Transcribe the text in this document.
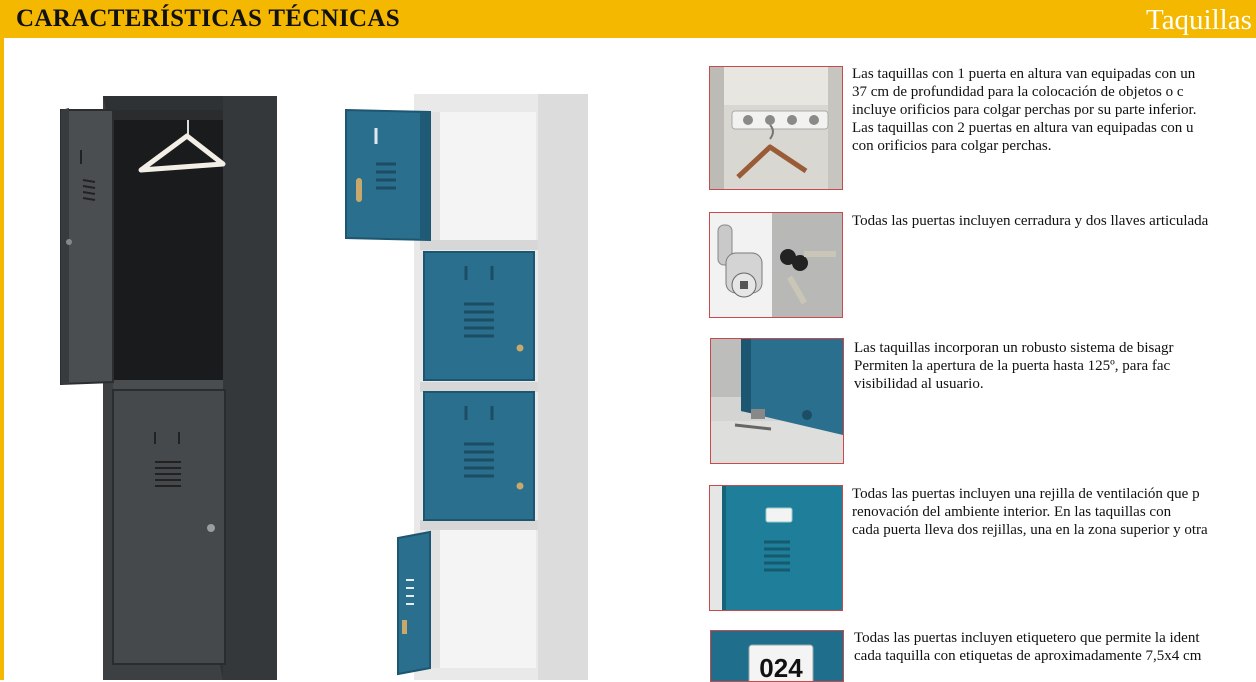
CARACTERÍSTICAS TÉCNICAS	Taquillas

Las taquillas con 1 puerta en altura van equipadas con un

37 cm de profundidad para la colocación de objetos o c

incluye orificios para colgar perchas por su parte inferior.

Las taquillas con 2 puertas en altura van equipadas con u

con orificios para colgar perchas.

Todas las puertas incluyen cerradura y dos llaves articulada

Las taquillas incorporan un robusto sistema de bisagr

Permiten la apertura de la puerta hasta 125º, para fac

visibilidad al usuario.

Todas las puertas incluyen una rejilla de ventilación que p

renovación del ambiente interior. En las taquillas con

cada puerta lleva dos rejillas, una en la zona superior y otra

024

Todas las puertas incluyen etiquetero que permite la ident

cada taquilla con etiquetas de aproximadamente 7,5x4 cm
